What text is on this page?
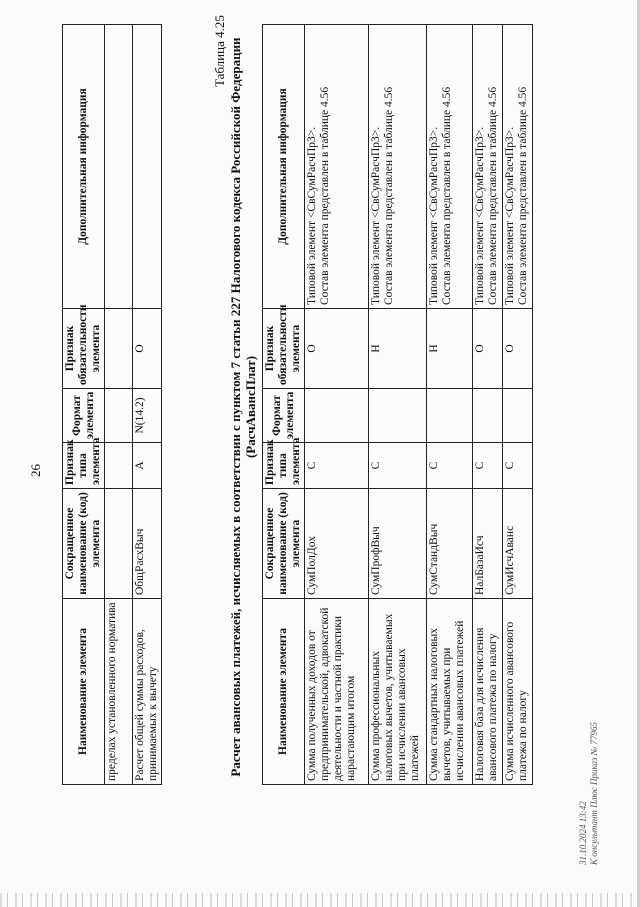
26
Наименование элемента	Сокращенное наименование (код) элемента	Признак типа элемента	Формат элемента	Признак обязательности элемента	Дополнительная информация
пределах установленного норматива					
Расчет общей суммы расходов, принимаемых к вычету	ОбщРасхВыч	А	N(14.2)	О	
Таблица 4.25 Расчет авансовых платежей, исчисляемых в соответствии с пунктом 7 статьи 227 Налогового кодекса Российской Федерации (РасчАвансПлат)
Наименование элемента	Сокращенное наименование (код) элемента	Признак типа элемента	Формат элемента	Признак обязательности элемента	Дополнительная информация
Сумма полученных доходов от предпринимательской, адвокатской деятельности и частной практики нарастающим итогом	СумПолДох	С		О	Типовой элемент <СвСумРасчПр3>. Состав элемента представлен в таблице 4.56

Сумма профессиональных налоговых вычетов, учитываемых при исчислении авансовых платежей	СумПрофВыч	С		Н	Типовой элемент <СвСумРасчПр3>. Состав элемента представлен в таблице 4.56

Сумма стандартных налоговых вычетов, учитываемых при исчислении авансовых платежей	СумСтандВыч	С		Н	Типовой элемент <СвСумРасчПр3>. Состав элемента представлен в таблице 4.56

Налоговая база для исчисления авансового платежа по налогу	НалБазаИсч	С		О	Типовой элемент <СвСумРасчПр3>. Состав элемента представлен в таблице 4.56

Сумма исчисленного авансового платежа по налогу	СумИсчАванс	С		О	Типовой элемент <СвСумРасчПр3>. Состав элемента представлен в таблице 4.56
31.10.2024 13:42 К онсультант Плюс Приказ № 77965
